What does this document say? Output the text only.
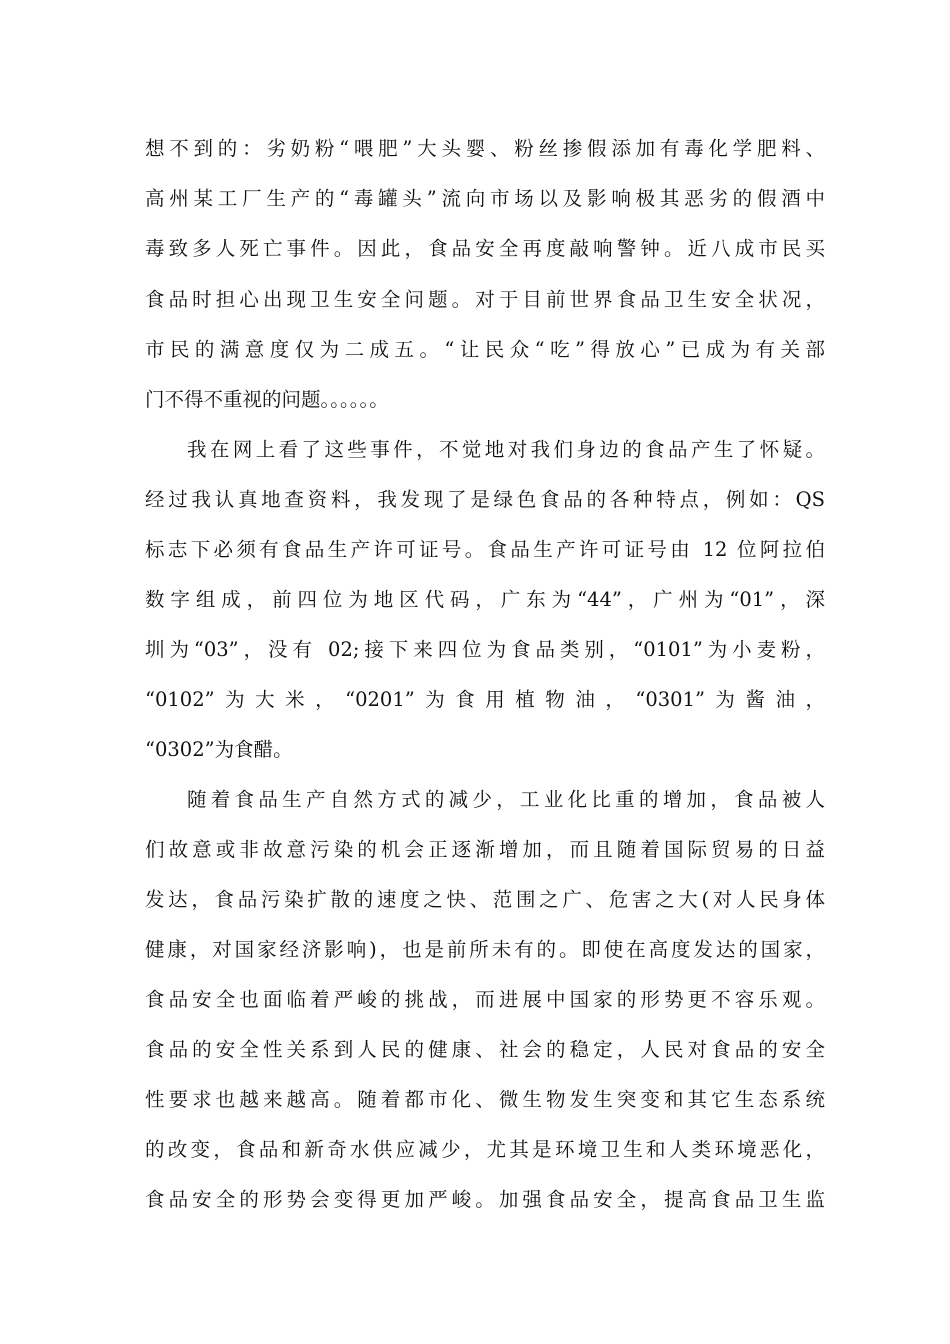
想不到的：劣奶粉“喂肥”大头婴、粉丝掺假添加有毒化学肥料、
高州某工厂生产的“毒罐头”流向市场以及影响极其恶劣的假酒中
毒致多人死亡事件。因此，食品安全再度敲响警钟。近八成市民买
食品时担心出现卫生安全问题。对于目前世界食品卫生安全状况，
市民的满意度仅为二成五。“让民众“吃”得放心”已成为有关部
门不得不重视的问题。。。。。。
我在网上看了这些事件，不觉地对我们身边的食品产生了怀疑。
经过我认真地查资料，我发现了是绿色食品的各种特点，例如：QS
标志下必须有食品生产许可证号。食品生产许可证号由 12 位阿拉伯
数字组成，前四位为地区代码，广东为“44”，广州为“01”，深
圳为“03”，没有 02;接下来四位为食品类别，“0101”为小麦粉，
“0102”为大米，“0201”为食用植物油，“0301”为酱油，
“0302”为食醋。
随着食品生产自然方式的减少，工业化比重的增加，食品被人
们故意或非故意污染的机会正逐渐增加，而且随着国际贸易的日益
发达，食品污染扩散的速度之快、范围之广、危害之大(对人民身体
健康，对国家经济影响)，也是前所未有的。即使在高度发达的国家，
食品安全也面临着严峻的挑战，而进展中国家的形势更不容乐观。
食品的安全性关系到人民的健康、社会的稳定，人民对食品的安全
性要求也越来越高。随着都市化、微生物发生突变和其它生态系统
的改变，食品和新奇水供应减少，尤其是环境卫生和人类环境恶化，
食品安全的形势会变得更加严峻。加强食品安全，提高食品卫生监
